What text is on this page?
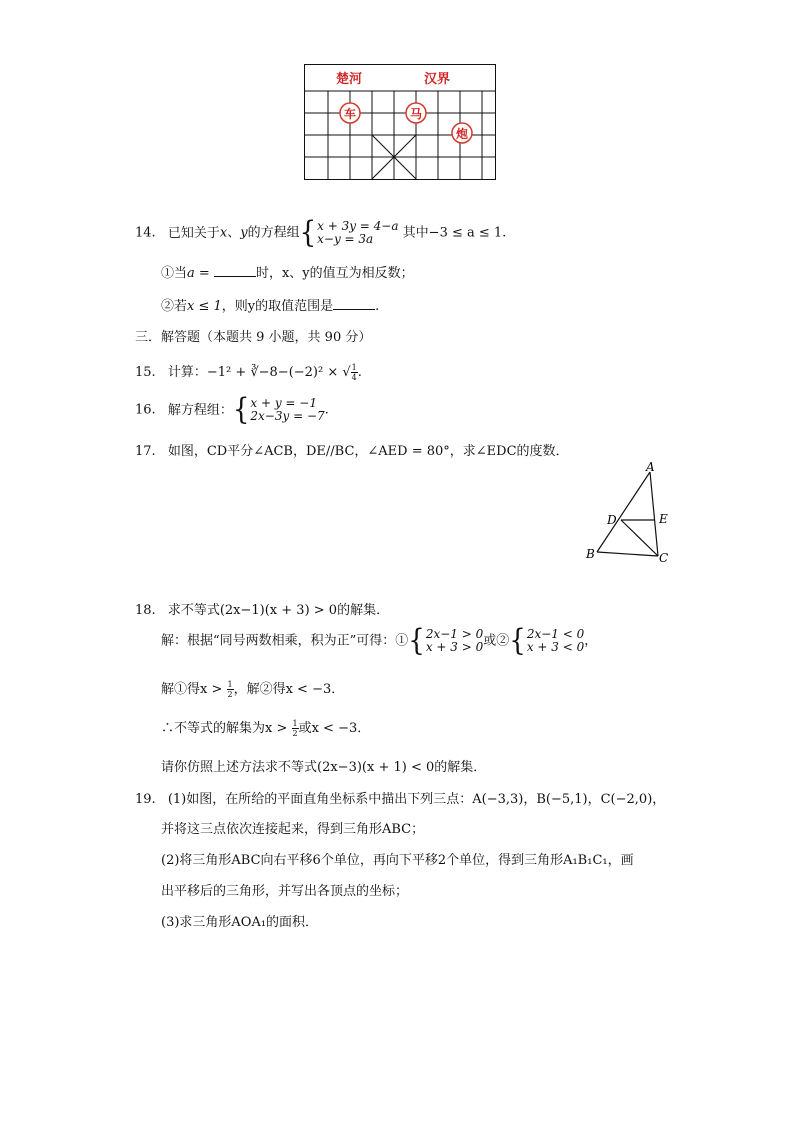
楚河	汉界
车	马
炮
14. 已知关于x、y的方程组{x + 3y = 4−a
x−y = 3a 其中−3 ≤ a ≤ 1.
①当a =	时，x、y的值互为相反数；
②若x ≤ 1，则y的取值范围是	.
三．解答题（本题共 9 小题，共 90 分）
15. 计算：−1² + ∛−8−(−2)² × √ $\frac{1}{4}$ .
16. 解方程组：{x + y = −1
2x−3y = −7.
17. 如图，CD平分∠ACB，DE//BC，∠AED = 80°，求∠EDC的度数．
A
D	E
B	C
18. 求不等式(2x−1)(x + 3) > 0的解集．
解：根据“同号两数相乘，积为正”可得：①{2x−1 > 0
x + 3 > 0或②{2x−1 < 0
x + 3 < 0，
解①得$x > \frac{1}{2}$ ，解②得x < −3．
∴不等式的解集为$x > \frac{1}{2}$ 或x < −3．
请你仿照上述方法求不等式(2x−3)(x + 1) < 0的解集．
19. (1)如图，在所给的平面直角坐标系中描出下列三点：A(−3,3)，B(−5,1)，C(−2,0)，
并将这三点依次连接起来，得到三角形ABC；
(2)将三角形ABC向右平移6个单位，再向下平移2个单位，得到三角形A₁B₁C₁，画
出平移后的三角形，并写出各顶点的坐标；
(3)求三角形AOA₁的面积．
